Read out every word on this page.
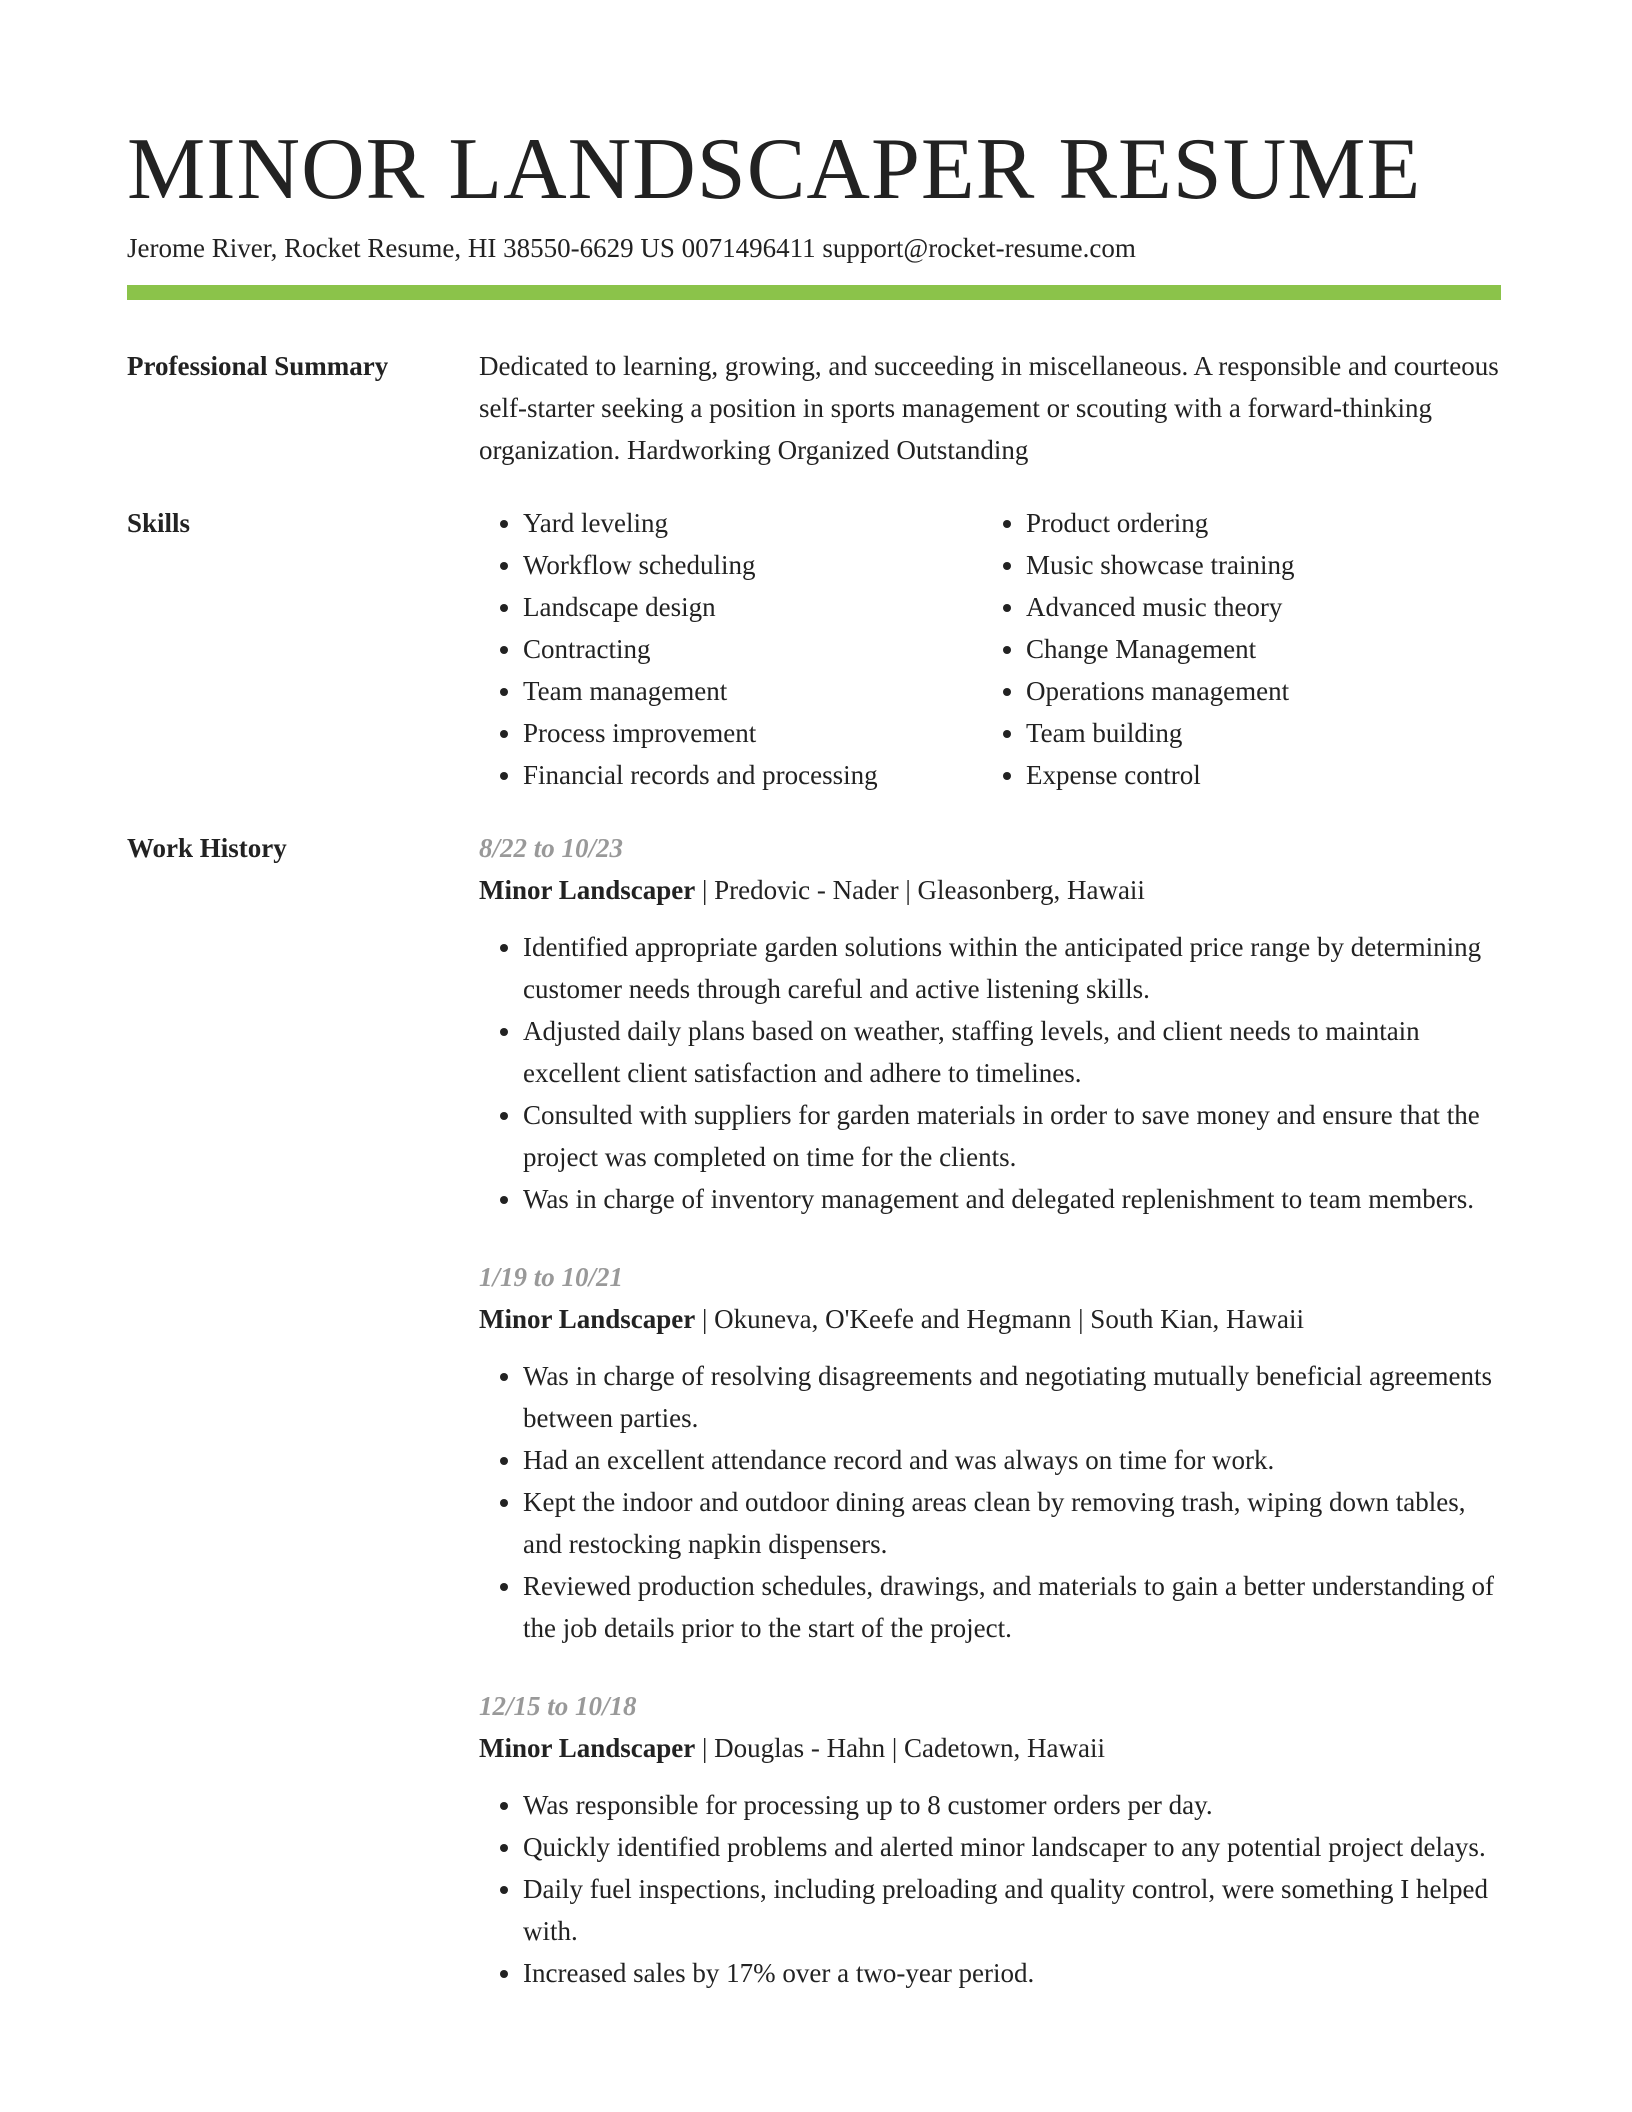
MINOR LANDSCAPER RESUME
Jerome River, Rocket Resume, HI 38550-6629 US 0071496411 support@rocket-resume.com
Professional Summary	Dedicated to learning, growing, and succeeding in miscellaneous. A responsible and courteous self-starter seeking a position in sports management or scouting with a forward-thinking organization. Hardworking Organized Outstanding

Skills
•	Yard leveling
• Workflow scheduling
• Landscape design
• Contracting
• Team management
• Process improvement
• Financial records and processing
• Product ordering
• Music showcase training
• Advanced music theory
• Change Management
• Operations management
• Team building
• Expense control
Work History	8/22 to 10/23
Minor Landscaper | Predovic - Nader | Gleasonberg, Hawaii
• Identified appropriate garden solutions within the anticipated price range by determining customer needs through careful and active listening skills.
• Adjusted daily plans based on weather, staffing levels, and client needs to maintain excellent client satisfaction and adhere to timelines.
• Consulted with suppliers for garden materials in order to save money and ensure that the project was completed on time for the clients.
• Was in charge of inventory management and delegated replenishment to team members.
1/19 to 10/21
Minor Landscaper | Okuneva, O'Keefe and Hegmann | South Kian, Hawaii
• Was in charge of resolving disagreements and negotiating mutually beneficial agreements between parties.
• Had an excellent attendance record and was always on time for work.
• Kept the indoor and outdoor dining areas clean by removing trash, wiping down tables, and restocking napkin dispensers.
• Reviewed production schedules, drawings, and materials to gain a better understanding of the job details prior to the start of the project.
12/15 to 10/18
Minor Landscaper | Douglas - Hahn | Cadetown, Hawaii
• Was responsible for processing up to 8 customer orders per day.
• Quickly identified problems and alerted minor landscaper to any potential project delays.
• Daily fuel inspections, including preloading and quality control, were something I helped with.
• Increased sales by 17% over a two-year period.
